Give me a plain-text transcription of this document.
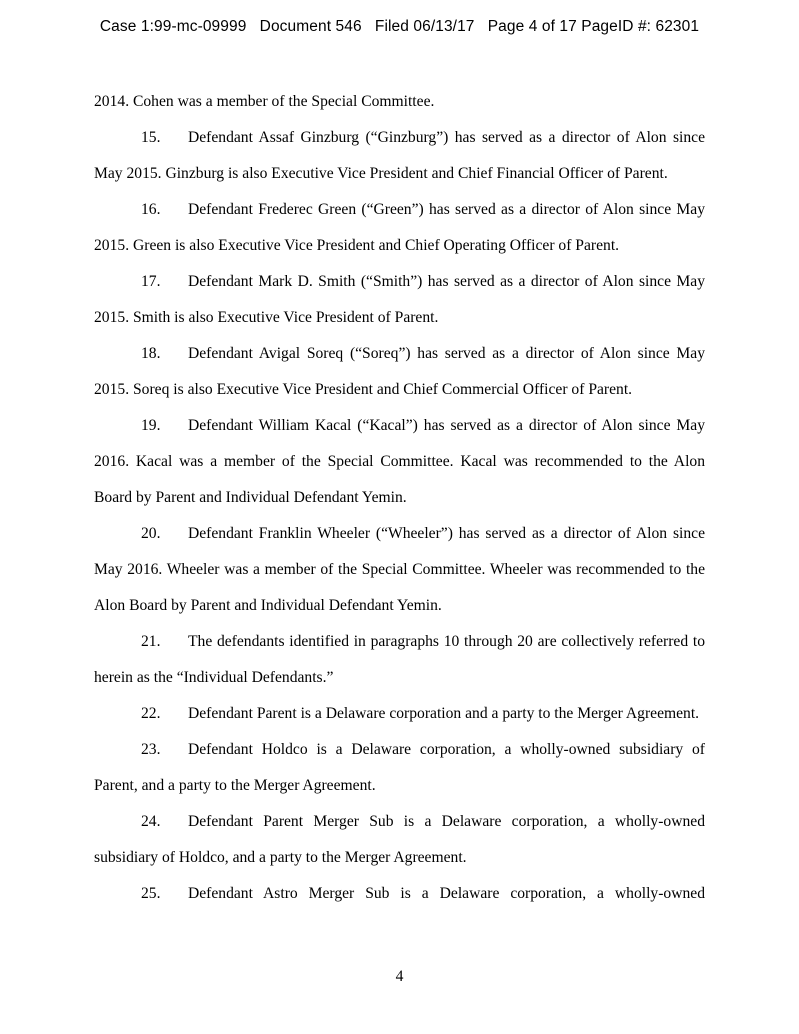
Case 1:99-mc-09999   Document 546   Filed 06/13/17   Page 4 of 17 PageID #: 62301

2014. Cohen was a member of the Special Committee.

15. Defendant Assaf Ginzburg (“Ginzburg”) has served as a director of Alon since May 2015. Ginzburg is also Executive Vice President and Chief Financial Officer of Parent.

16. Defendant Frederec Green (“Green”) has served as a director of Alon since May 2015. Green is also Executive Vice President and Chief Operating Officer of Parent.

17. Defendant Mark D. Smith (“Smith”) has served as a director of Alon since May 2015. Smith is also Executive Vice President of Parent.

18. Defendant Avigal Soreq (“Soreq”) has served as a director of Alon since May 2015. Soreq is also Executive Vice President and Chief Commercial Officer of Parent.

19. Defendant William Kacal (“Kacal”) has served as a director of Alon since May 2016. Kacal was a member of the Special Committee. Kacal was recommended to the Alon Board by Parent and Individual Defendant Yemin.

20. Defendant Franklin Wheeler (“Wheeler”) has served as a director of Alon since May 2016. Wheeler was a member of the Special Committee. Wheeler was recommended to the Alon Board by Parent and Individual Defendant Yemin.

21. The defendants identified in paragraphs 10 through 20 are collectively referred to herein as the “Individual Defendants.”

22. Defendant Parent is a Delaware corporation and a party to the Merger Agreement.

23. Defendant Holdco is a Delaware corporation, a wholly-owned subsidiary of Parent, and a party to the Merger Agreement.

24. Defendant Parent Merger Sub is a Delaware corporation, a wholly-owned subsidiary of Holdco, and a party to the Merger Agreement.

25. Defendant Astro Merger Sub is a Delaware corporation, a wholly-owned

4
